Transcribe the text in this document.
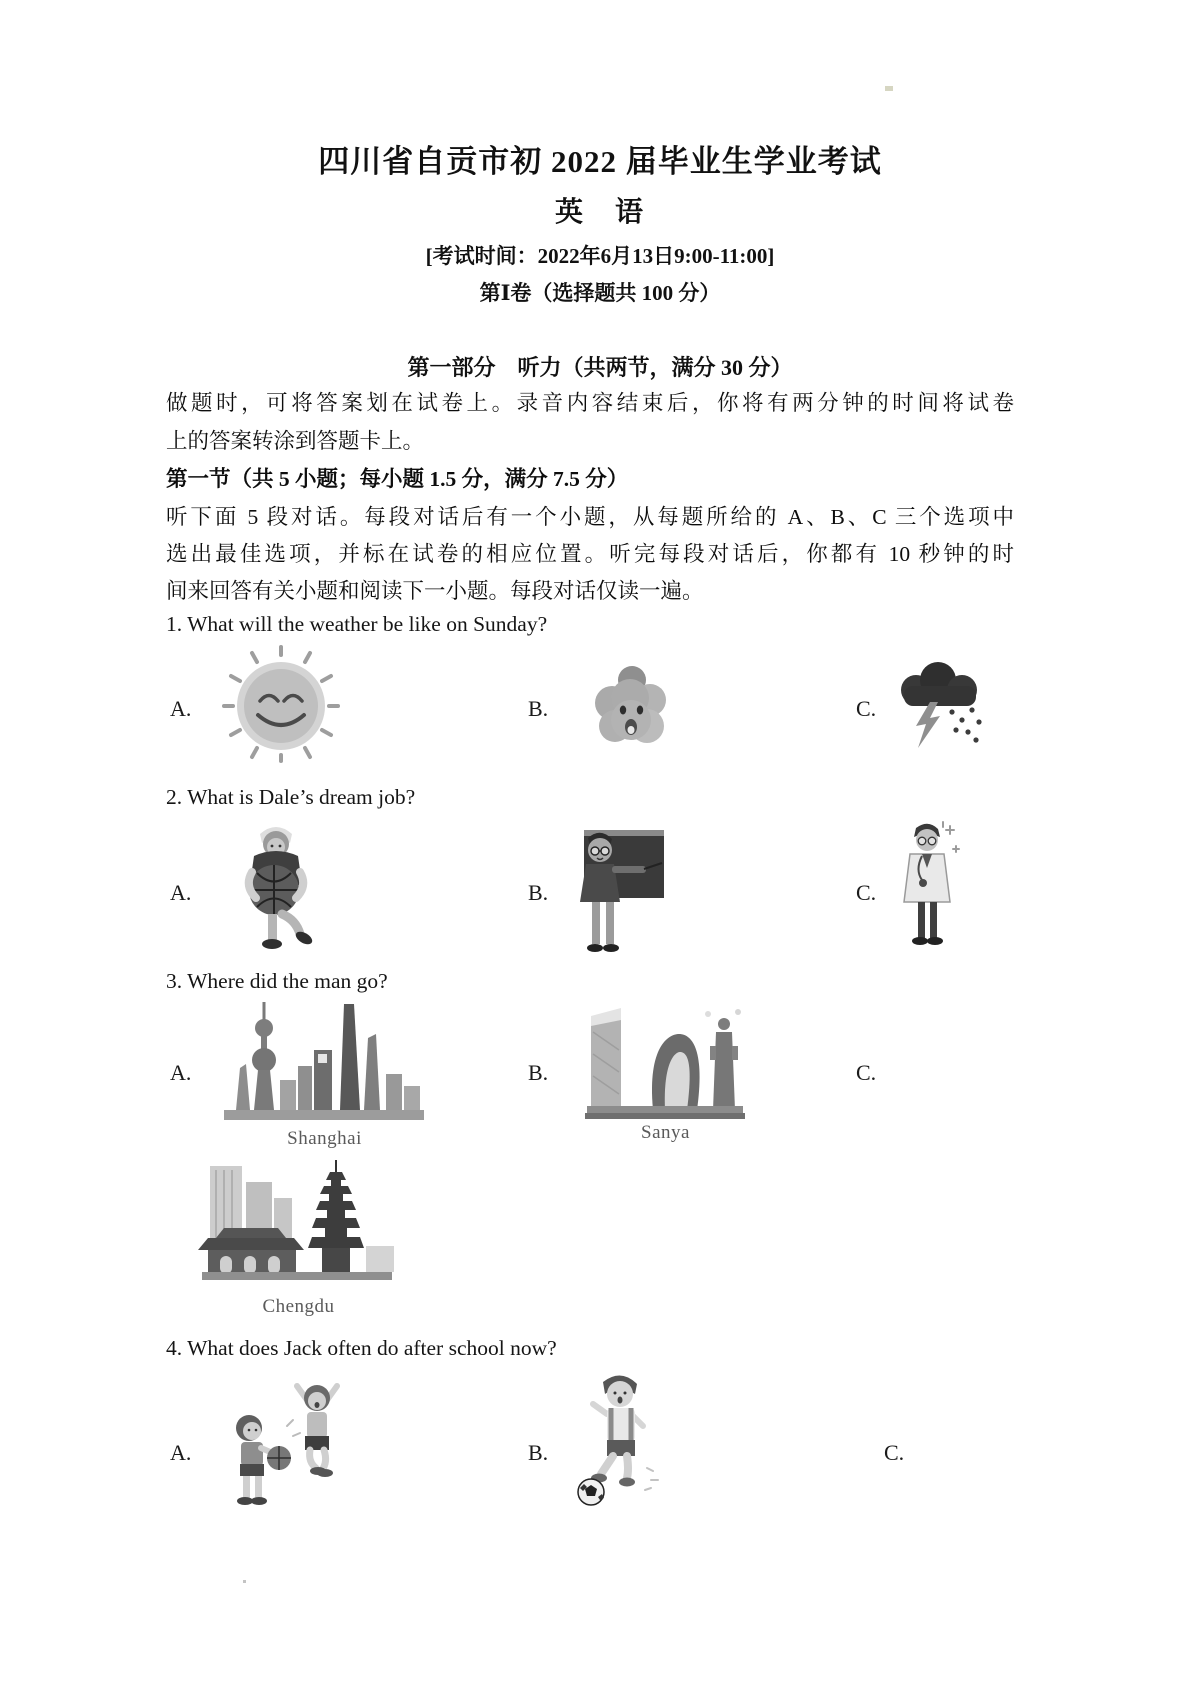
四川省自贡市初 2022 届毕业生学业考试
英　语
[考试时间：2022年6月13日9:00-11:00]
第Ⅰ卷（选择题共 100 分）
第一部分　听力（共两节，满分 30 分）
做题时，可将答案划在试卷上。录音内容结束后，你将有两分钟的时间将试卷
上的答案转涂到答题卡上。
第一节（共 5 小题；每小题 1.5 分，满分 7.5 分）
听下面 5 段对话。每段对话后有一个小题，从每题所给的 A、B、C 三个选项中
选出最佳选项，并标在试卷的相应位置。听完每段对话后，你都有 10 秒钟的时
间来回答有关小题和阅读下一小题。每段对话仅读一遍。
1. What will the weather be like on Sunday?
A.	B.	C.
2. What is Dale’s dream job?
A.	B.	C.
3. Where did the man go?
A.	B.	C.
Shanghai	Sanya
Chengdu
4. What does Jack often do after school now?
A.	B.	C.
